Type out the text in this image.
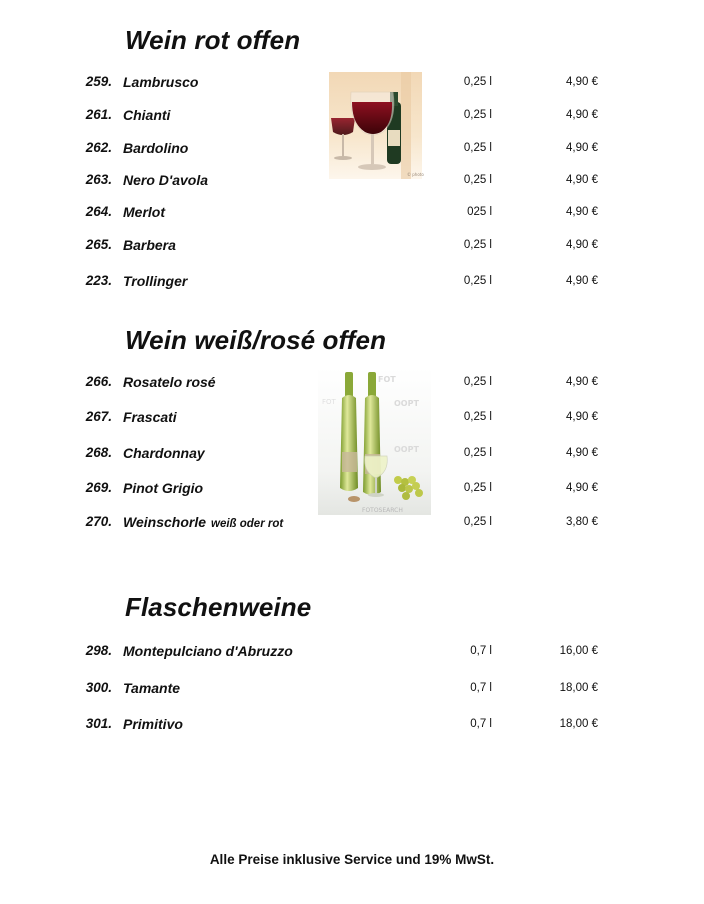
Wein rot offen
259. Lambrusco	0,25 l	4,90 €
261. Chianti	0,25 l	4,90 €
262. Bardolino	0,25 l	4,90 €
263. Nero D'avola	0,25 l	4,90 €
264. Merlot	025 l	4,90 €
265. Barbera	0,25 l	4,90 €
223. Trollinger	0,25 l	4,90 €
© photo
Wein weiß/rosé offen
266. Rosatelo rosé	0,25 l	4,90 €
267. Frascati	0,25 l	4,90 €
268. Chardonnay	0,25 l	4,90 €
269. Pinot Grigio	0,25 l	4,90 €
270. Weinschorle weiß oder rot	0,25 l	3,80 €
FOT
OOPT
FOT
OOPT
FOTOSEARCH
Flaschenweine
298. Montepulciano d'Abruzzo	0,7 l	16,00 €
300. Tamante	0,7 l	18,00 €
301. Primitivo	0,7 l	18,00 €
Alle Preise inklusive Service und 19% MwSt.
